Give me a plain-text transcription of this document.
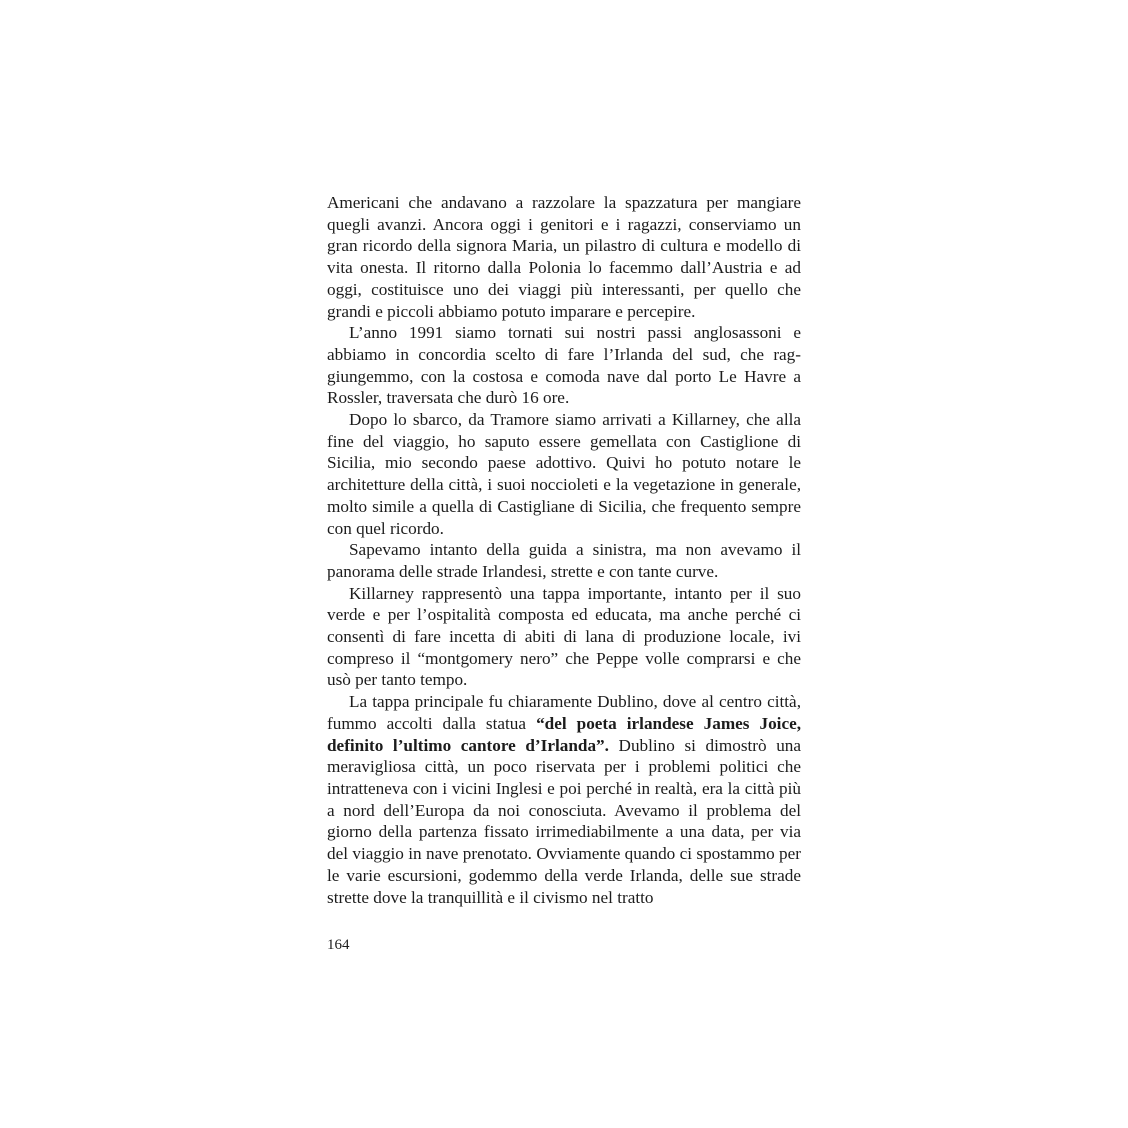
Americani che andavano a razzolare la spazzatura per mangiare quegli avanzi. Ancora oggi i genitori e i ragazzi, conserviamo un gran ricordo della signora Maria, un pilastro di cultura e modello di vita onesta. Il ritorno dalla Polonia lo facemmo dall’Austria e ad oggi, costituisce uno dei viaggi più interessanti, per quello che grandi e piccoli abbiamo potuto imparare e percepire.

L’anno 1991 siamo tornati sui nostri passi anglosassoni e abbiamo in concordia scelto di fare l’Irlanda del sud, che raggiungemmo, con la costosa e comoda nave dal porto Le Havre a Rossler, traversata che durò 16 ore.

Dopo lo sbarco, da Tramore siamo arrivati a Killarney, che alla fine del viaggio, ho saputo essere gemellata con Castiglione di Sicilia, mio secondo paese adottivo. Quivi ho potuto notare le architetture della città, i suoi noccioleti e la vegetazione in generale, molto simile a quella di Castigliane di Sicilia, che frequento sempre con quel ricordo.

Sapevamo intanto della guida a sinistra, ma non avevamo il panorama delle strade Irlandesi, strette e con tante curve.

Killarney rappresentò una tappa importante, intanto per il suo verde e per l’ospitalità composta ed educata, ma anche perché ci consentì di fare incetta di abiti di lana di produzione locale, ivi compreso il “montgomery nero” che Peppe volle comprarsi e che usò per tanto tempo.

La tappa principale fu chiaramente Dublino, dove al centro città, fummo accolti dalla statua “del poeta irlandese James Joice, definito l’ultimo cantore d’Irlanda”. Dublino si dimostrò una meravigliosa città, un poco riservata per i problemi politici che intratteneva con i vicini Inglesi e poi perché in realtà, era la città più a nord dell’Europa da noi conosciuta. Avevamo il problema del giorno della partenza fissato irrimediabilmente a una data, per via del viaggio in nave prenotato. Ovviamente quando ci spostammo per le varie escursioni, godemmo della verde Irlanda, delle sue strade strette dove la tranquillità e il civismo nel tratto

164
